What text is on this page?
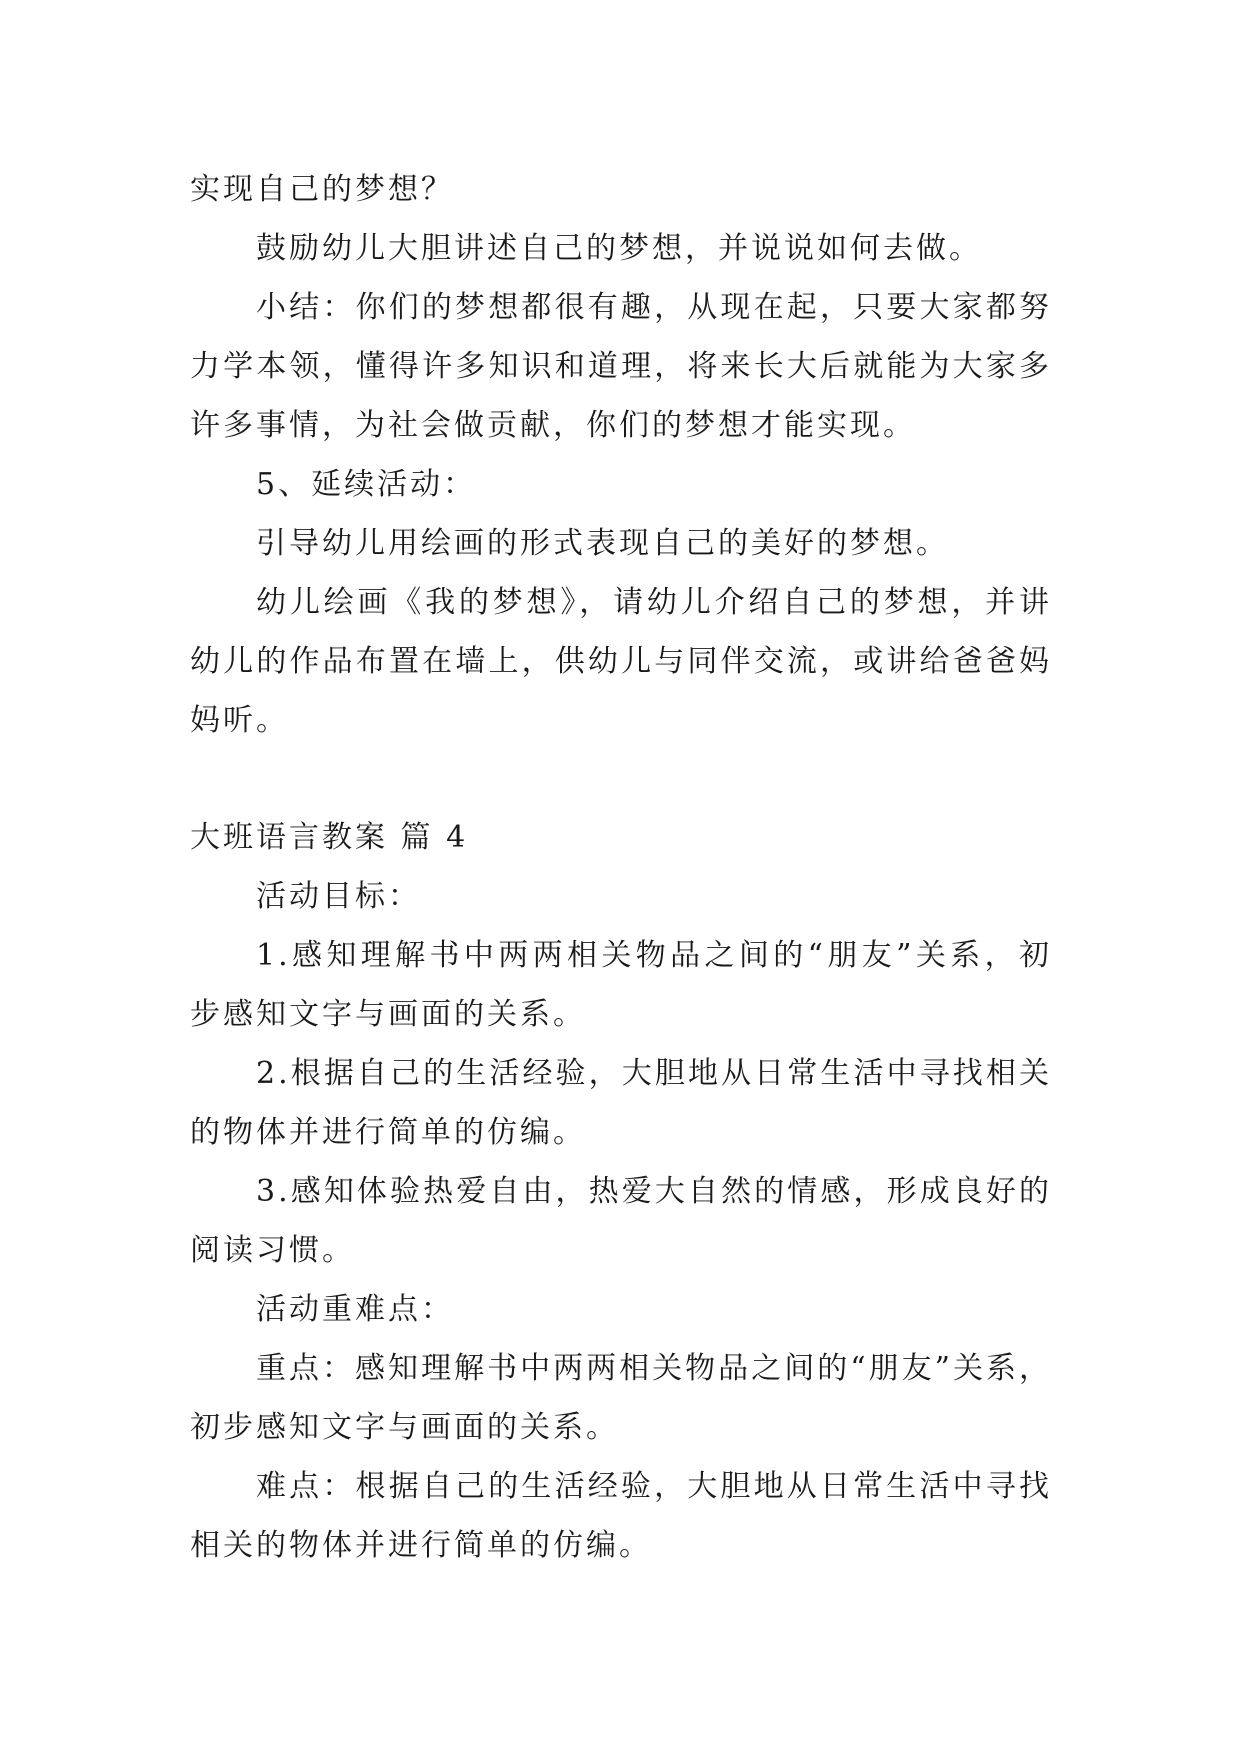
实现自己的梦想？

鼓励幼儿大胆讲述自己的梦想，并说说如何去做。

小结：你们的梦想都很有趣，从现在起，只要大家都努力学本领，懂得许多知识和道理，将来长大后就能为大家多许多事情，为社会做贡献，你们的梦想才能实现。

5、延续活动：

引导幼儿用绘画的形式表现自己的美好的梦想。

幼儿绘画《我的梦想》，请幼儿介绍自己的梦想，并讲幼儿的作品布置在墙上，供幼儿与同伴交流，或讲给爸爸妈妈听。

大班语言教案 篇 4

活动目标：

1.感知理解书中两两相关物品之间的“朋友”关系，初步感知文字与画面的关系。

2.根据自己的生活经验，大胆地从日常生活中寻找相关的物体并进行简单的仿编。

3.感知体验热爱自由，热爱大自然的情感，形成良好的阅读习惯。

活动重难点：

重点：感知理解书中两两相关物品之间的“朋友”关系，初步感知文字与画面的关系。

难点：根据自己的生活经验，大胆地从日常生活中寻找相关的物体并进行简单的仿编。
